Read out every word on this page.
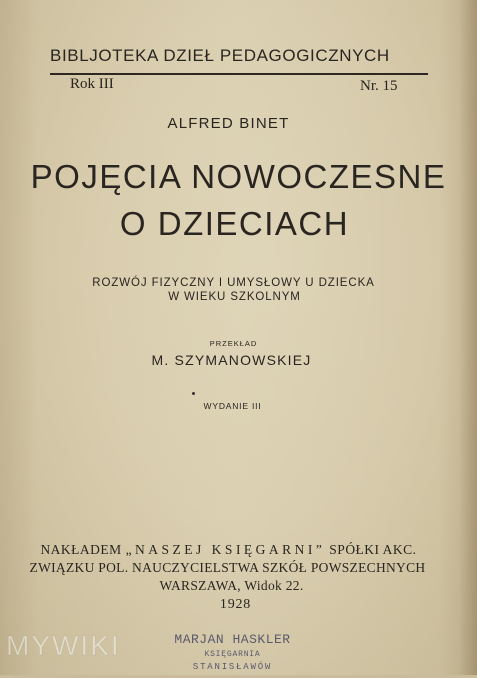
BIBLJOTEKA DZIEŁ PEDAGOGICZNYCH
Rok III	Nr. 15
ALFRED BINET
POJĘCIA NOWOCZESNE
O DZIECIACH
ROZWÓJ FIZYCZNY I UMYSŁOWY U DZIECKA
W WIEKU SZKOLNYM
PRZEKŁAD
M. SZYMANOWSKIEJ
WYDANIE III
NAKŁADEM „NASZEJ KSIĘGARNI” SPÓŁKI AKC.
ZWIĄZKU POL. NAUCZYCIELSTWA SZKÓŁ POWSZECHNYCH
WARSZAWA, Widok 22.
1928
MYWIKI	MARJAN HASKLER
KSIĘGARNIA
STANISŁAWÓW
